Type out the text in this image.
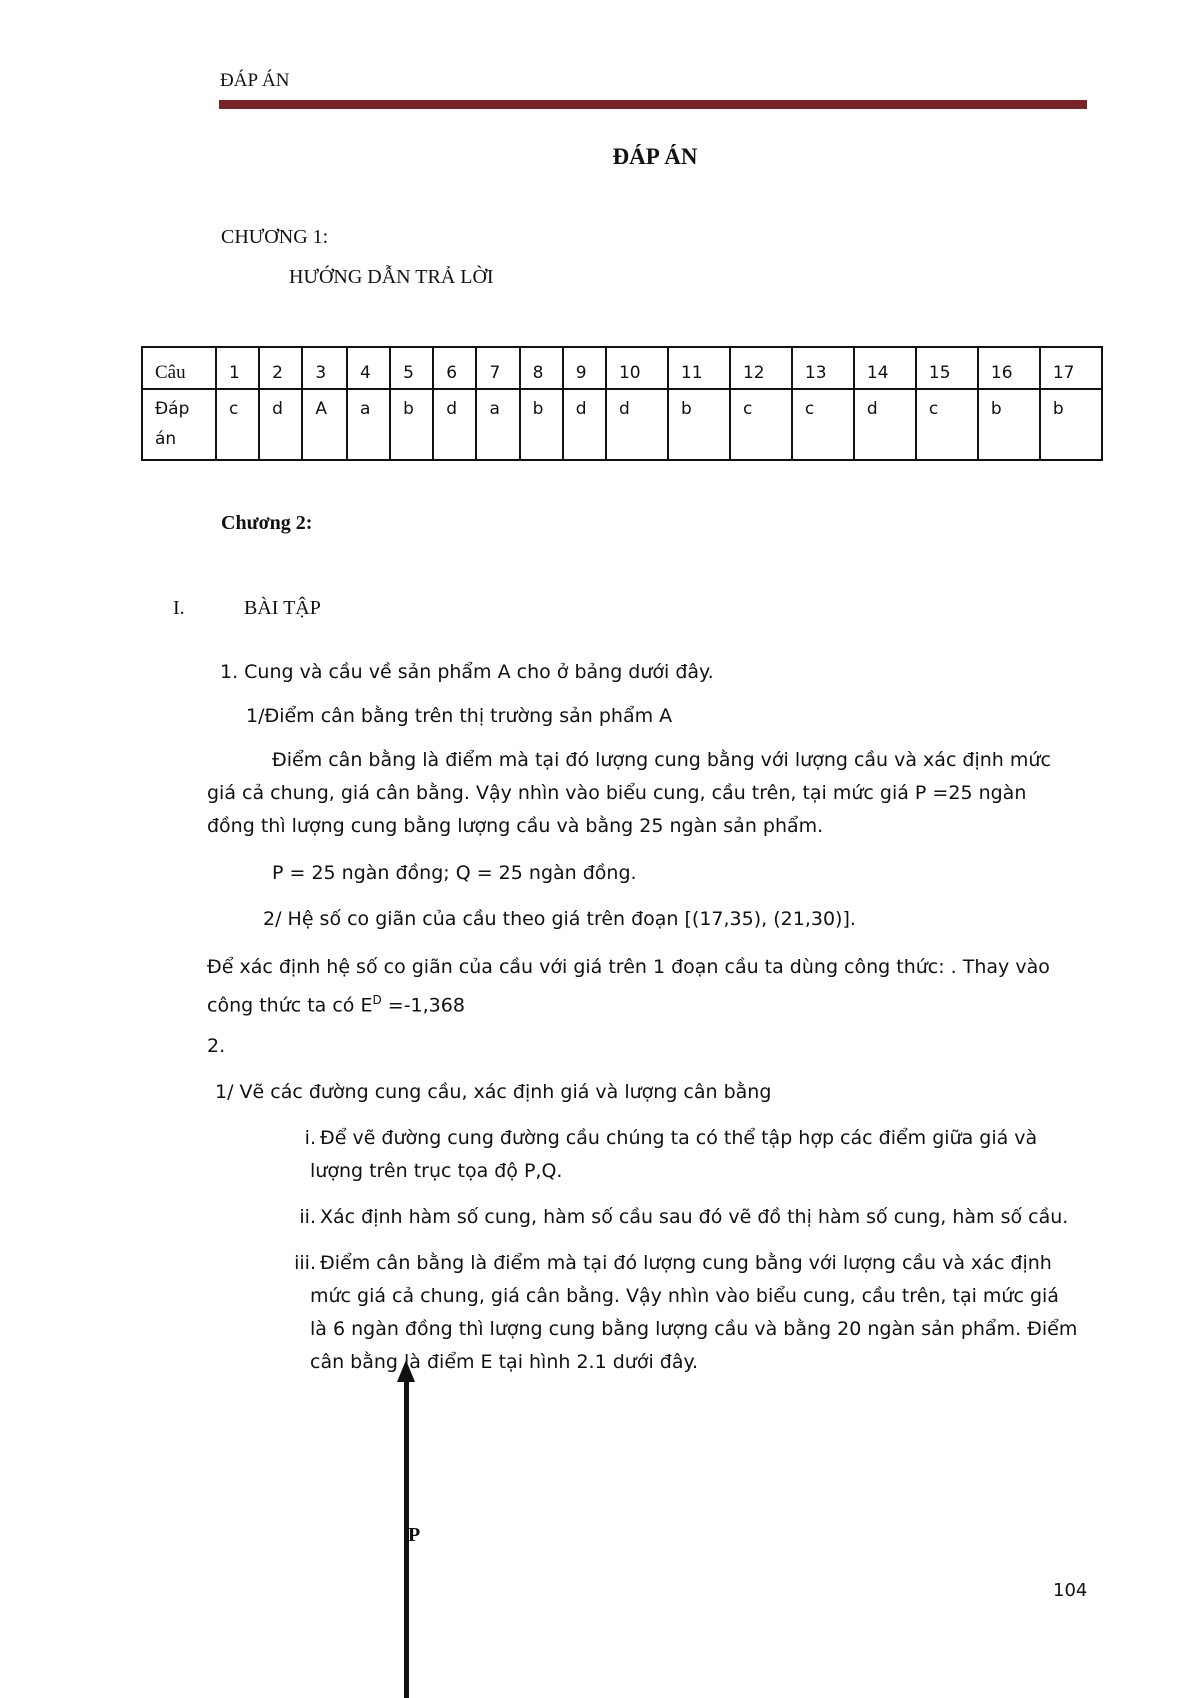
ĐÁP ÁN
ĐÁP ÁN
CHƯƠNG 1:
HƯỚNG DẪN TRẢ LỜI
Câu	1	2	3	4	5	6	7	8	9	10	11	12	13	14	15	16	17
Đáp
án	c	d	A	a	b	d	a	b	d	d	b	c	c	d	c	b	b
Chương 2:
I.	BÀI TẬP
1. Cung và cầu về sản phẩm A cho ở bảng dưới đây.
1/Điểm cân bằng trên thị trường sản phẩm A
Điểm cân bằng là điểm mà tại đó lượng cung bằng với lượng cầu và xác định mức
giá cả chung, giá cân bằng. Vậy nhìn vào biểu cung, cầu trên, tại mức giá P =25 ngàn
đồng thì lượng cung bằng lượng cầu và bằng 25 ngàn sản phẩm.
P = 25 ngàn đồng; Q = 25 ngàn đồng.
2/ Hệ số co giãn của cầu theo giá trên đoạn [(17,35), (21,30)].
Để xác định hệ số co giãn của cầu với giá trên 1 đoạn cầu ta dùng công thức: . Thay vào
công thức ta có $E^D =-1,368$
2.
1/ Vẽ các đường cung cầu, xác định giá và lượng cân bằng
i. Để vẽ đường cung đường cầu chúng ta có thể tập hợp các điểm giữa giá và
lượng trên trục tọa độ P,Q.
ii. Xác định hàm số cung, hàm số cầu sau đó vẽ đồ thị hàm số cung, hàm số cầu.
iii. Điểm cân bằng là điểm mà tại đó lượng cung bằng với lượng cầu và xác định
mức giá cả chung, giá cân bằng. Vậy nhìn vào biểu cung, cầu trên, tại mức giá
là 6 ngàn đồng thì lượng cung bằng lượng cầu và bằng 20 ngàn sản phẩm. Điểm
cân bằng là điểm E tại hình 2.1 dưới đây.
P
104
